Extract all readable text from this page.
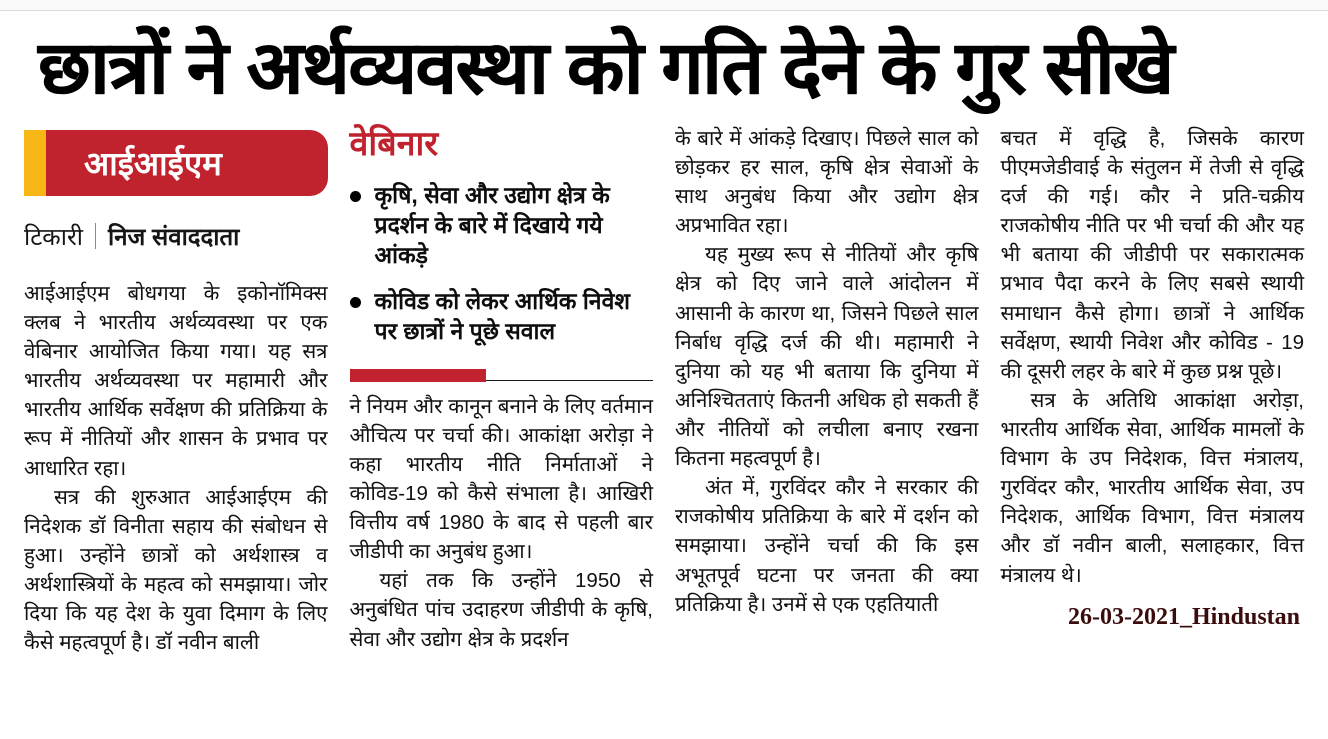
छात्रों ने अर्थव्यवस्था को गति देने के गुर सीखे
आईआईएम
टिकारी निज संवाददाता

आईआईएम बोधगया के इकोनॉमिक्स क्लब ने भारतीय अर्थव्यवस्था पर एक वेबिनार आयोजित किया गया। यह सत्र भारतीय अर्थव्यवस्था पर महामारी और भारतीय आर्थिक सर्वेक्षण की प्रतिक्रिया के रूप में नीतियों और शासन के प्रभाव पर आधारित रहा।

सत्र की शुरुआत आईआईएम की निदेशक डॉ विनीता सहाय की संबोधन से हुआ। उन्होंने छात्रों को अर्थशास्त्र व अर्थशास्त्रियों के महत्व को समझाया। जोर दिया कि यह देश के युवा दिमाग के लिए कैसे महत्वपूर्ण है। डॉ नवीन बाली

वेबिनार
कृषि, सेवा और उद्योग क्षेत्र के प्रदर्शन के बारे में दिखाये गये आंकड़े
कोविड को लेकर आर्थिक निवेश पर छात्रों ने पूछे सवाल

ने नियम और कानून बनाने के लिए वर्तमान औचित्य पर चर्चा की। आकांक्षा अरोड़ा ने कहा भारतीय नीति निर्माताओं ने कोविड-19 को कैसे संभाला है। आखिरी वित्तीय वर्ष 1980 के बाद से पहली बार जीडीपी का अनुबंध हुआ।

यहां तक कि उन्होंने 1950 से अनुबंधित पांच उदाहरण जीडीपी के कृषि, सेवा और उद्योग क्षेत्र के प्रदर्शन

के बारे में आंकड़े दिखाए। पिछले साल को छोड़कर हर साल, कृषि क्षेत्र सेवाओं के साथ अनुबंध किया और उद्योग क्षेत्र अप्रभावित रहा।

यह मुख्य रूप से नीतियों और कृषि क्षेत्र को दिए जाने वाले आंदोलन में आसानी के कारण था, जिसने पिछले साल निर्बाध वृद्धि दर्ज की थी। महामारी ने दुनिया को यह भी बताया कि दुनिया में अनिश्चितताएं कितनी अधिक हो सकती हैं और नीतियों को लचीला बनाए रखना कितना महत्वपूर्ण है।

अंत में, गुरविंदर कौर ने सरकार की राजकोषीय प्रतिक्रिया के बारे में दर्शन को समझाया। उन्होंने चर्चा की कि इस अभूतपूर्व घटना पर जनता की क्या प्रतिक्रिया है। उनमें से एक एहतियाती

बचत में वृद्धि है, जिसके कारण पीएमजेडीवाई के संतुलन में तेजी से वृद्धि दर्ज की गई। कौर ने प्रति-चक्रीय राजकोषीय नीति पर भी चर्चा की और यह भी बताया की जीडीपी पर सकारात्मक प्रभाव पैदा करने के लिए सबसे स्थायी समाधान कैसे होगा। छात्रों ने आर्थिक सर्वेक्षण, स्थायी निवेश और कोविड - 19 की दूसरी लहर के बारे में कुछ प्रश्न पूछे।

सत्र के अतिथि आकांक्षा अरोड़ा, भारतीय आर्थिक सेवा, आर्थिक मामलों के विभाग के उप निदेशक, वित्त मंत्रालय, गुरविंदर कौर, भारतीय आर्थिक सेवा, उप निदेशक, आर्थिक विभाग, वित्त मंत्रालय और डॉ नवीन बाली, सलाहकार, वित्त मंत्रालय थे।

26-03-2021_Hindustan
